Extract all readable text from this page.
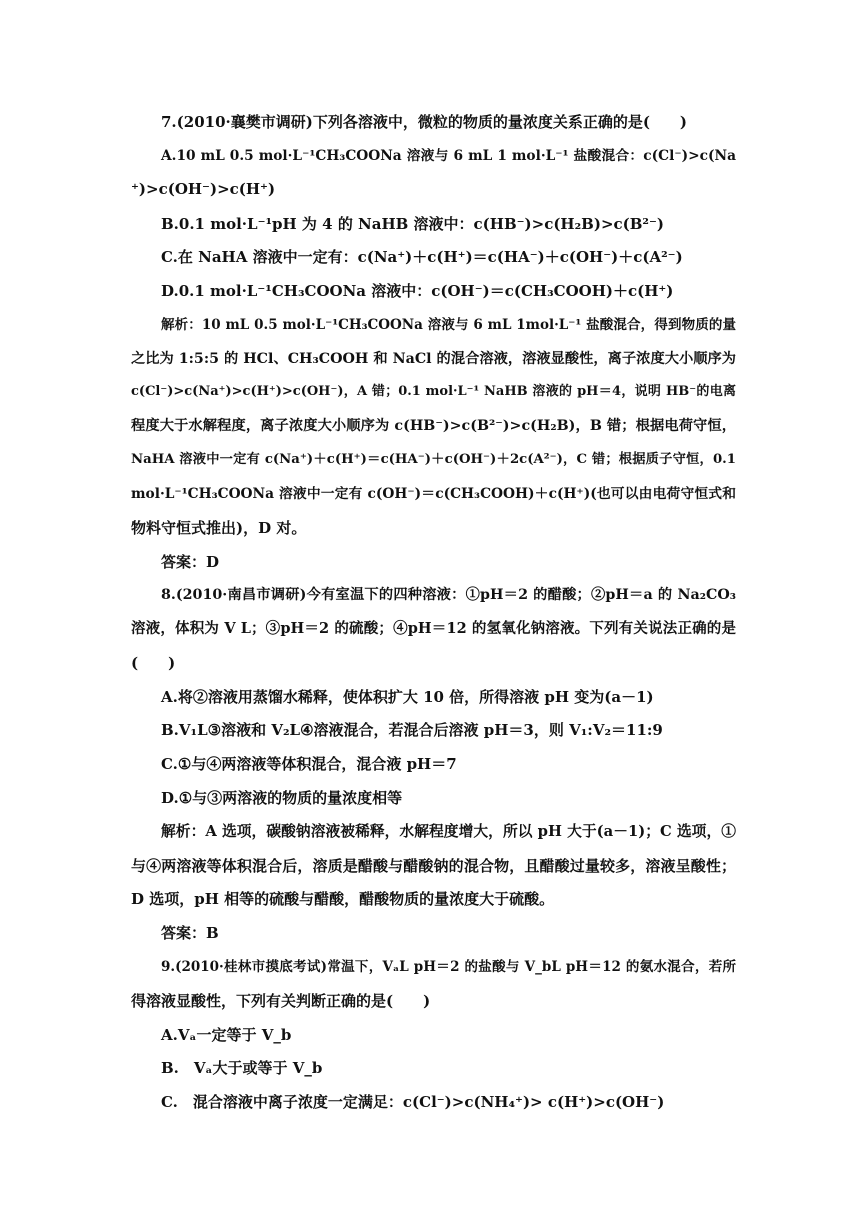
7.(2010·襄樊市调研)下列各溶液中，微粒的物质的量浓度关系正确的是(　　)
A.10 mL 0.5 mol·L⁻¹CH₃COONa 溶液与 6 mL 1 mol·L⁻¹ 盐酸混合：c(Cl⁻)>c(Na
⁺)>c(OH⁻)>c(H⁺)
B.0.1 mol·L⁻¹pH 为 4 的 NaHB 溶液中：c(HB⁻)>c(H₂B)>c(B²⁻)
C.在 NaHA 溶液中一定有：c(Na⁺)＋c(H⁺)＝c(HA⁻)＋c(OH⁻)＋c(A²⁻)
D.0.1 mol·L⁻¹CH₃COONa 溶液中：c(OH⁻)＝c(CH₃COOH)＋c(H⁺)
解析：10 mL 0.5 mol·L⁻¹CH₃COONa 溶液与 6 mL 1mol·L⁻¹ 盐酸混合，得到物质的量
之比为 1:5:5 的 HCl、CH₃COOH 和 NaCl 的混合溶液，溶液显酸性，离子浓度大小顺序为
c(Cl⁻)>c(Na⁺)>c(H⁺)>c(OH⁻)，A 错；0.1 mol·L⁻¹ NaHB 溶液的 pH＝4，说明 HB⁻的电离
程度大于水解程度，离子浓度大小顺序为 c(HB⁻)>c(B²⁻)>c(H₂B)，B 错；根据电荷守恒，
NaHA 溶液中一定有 c(Na⁺)＋c(H⁺)＝c(HA⁻)＋c(OH⁻)＋2c(A²⁻)，C 错；根据质子守恒，0.1
mol·L⁻¹CH₃COONa 溶液中一定有 c(OH⁻)＝c(CH₃COOH)＋c(H⁺)(也可以由电荷守恒式和
物料守恒式推出)，D 对。
答案：D
8.(2010·南昌市调研)今有室温下的四种溶液：①pH＝2 的醋酸；②pH＝a 的 Na₂CO₃
溶液，体积为 V L；③pH＝2 的硫酸；④pH＝12 的氢氧化钠溶液。下列有关说法正确的是
(　　)
A.将②溶液用蒸馏水稀释，使体积扩大 10 倍，所得溶液 pH 变为(a－1)
B.V₁L③溶液和 V₂L④溶液混合，若混合后溶液 pH＝3，则 V₁:V₂＝11:9
C.①与④两溶液等体积混合，混合液 pH＝7
D.①与③两溶液的物质的量浓度相等
解析：A 选项，碳酸钠溶液被稀释，水解程度增大，所以 pH 大于(a－1)；C 选项，①
与④两溶液等体积混合后，溶质是醋酸与醋酸钠的混合物，且醋酸过量较多，溶液呈酸性；
D 选项，pH 相等的硫酸与醋酸，醋酸物质的量浓度大于硫酸。
答案：B
9.(2010·桂林市摸底考试)常温下，VₐL pH＝2 的盐酸与 V_bL pH＝12 的氨水混合，若所
得溶液显酸性，下列有关判断正确的是(　　)
A.Vₐ一定等于 V_b
B.　Vₐ大于或等于 V_b
C.　混合溶液中离子浓度一定满足：c(Cl⁻)>c(NH₄⁺)> c(H⁺)>c(OH⁻)
